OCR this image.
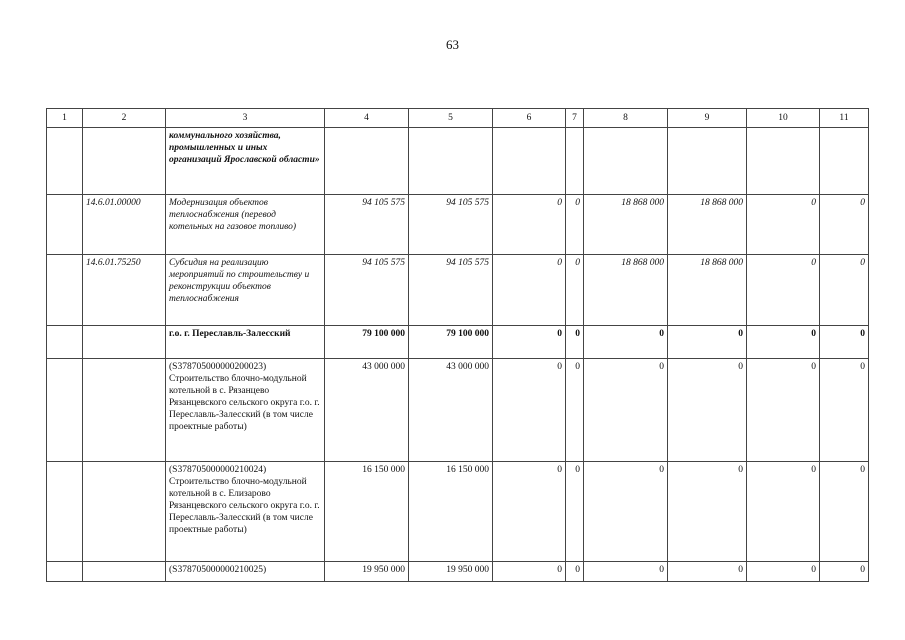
63
1	2	3	4	5	6	7	8	9	10	11
		коммунального хозяйства, промышленных и иных организаций Ярославской области»								
	14.6.01.00000	Модернизация объектов теплоснабжения (перевод котельных на газовое топливо)	94 105 575	94 105 575	0	0	18 868 000	18 868 000	0	0
	14.6.01.75250	Субсидия на реализацию мероприятий по строительству и реконструкции объектов теплоснабжения	94 105 575	94 105 575	0	0	18 868 000	18 868 000	0	0
		г.о. г. Переславль-Залесский	79 100 000	79 100 000	0	0	0	0	0	0
		(S378705000000200023) Строительство блочно-модульной котельной в с. Рязанцево Рязанцевского сельского округа г.о. г. Переславль-Залесский (в том числе проектные работы)	43 000 000	43 000 000	0	0	0	0	0	0
		(S378705000000210024) Строительство блочно-модульной котельной в с. Елизарово Рязанцевского сельского округа г.о. г. Переславль-Залесский (в том числе проектные работы)	16 150 000	16 150 000	0	0	0	0	0	0
		(S378705000000210025)	19 950 000	19 950 000	0	0	0	0	0	0
